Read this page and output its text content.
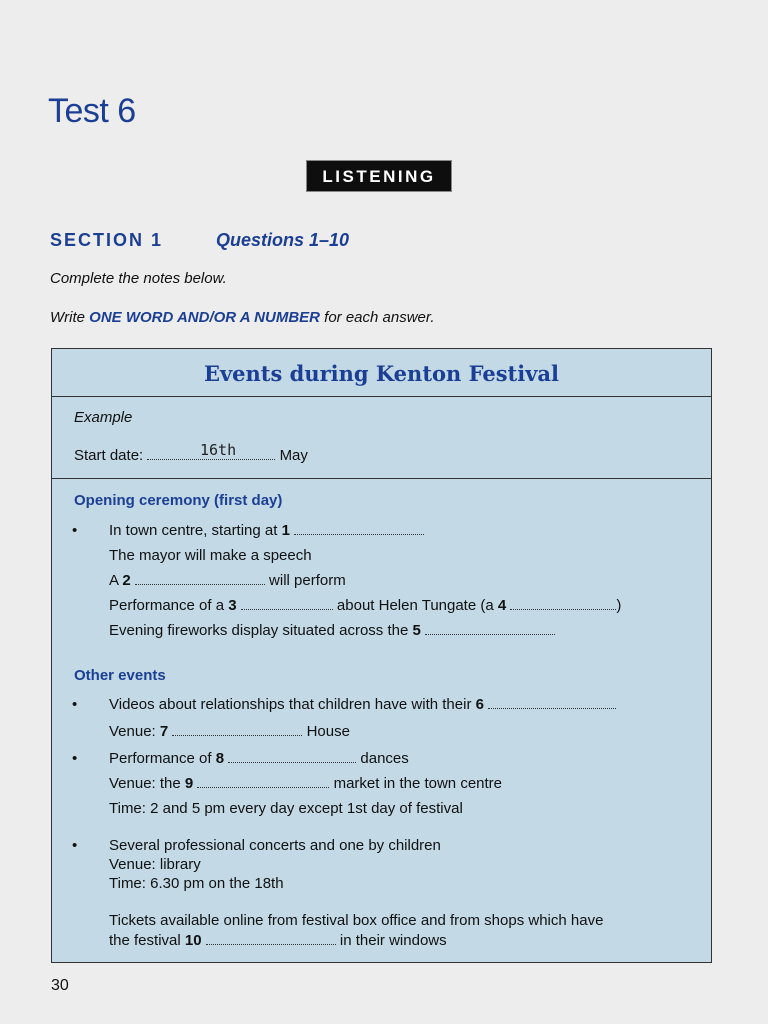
Test 6
LISTENING
SECTION 1	Questions 1–10
Complete the notes below.
Write ONE WORD AND/OR A NUMBER for each answer.
Events during Kenton Festival
Example
Start date:	May
16th
Opening ceremony (first day)
• In town centre, starting at 1
The mayor will make a speech
A 2	will perform
Performance of a 3	about Helen Tungate (a 4	)
Evening fireworks display situated across the 5
Other events
• Videos about relationships that children have with their 6
Venue: 7	House
• Performance of 8	dances
Venue: the 9	market in the town centre
Time: 2 and 5 pm every day except 1st day of festival
• Several professional concerts and one by children
Venue: library
Time: 6.30 pm on the 18th
Tickets available online from festival box office and from shops which have
the festival 10	in their windows
30
